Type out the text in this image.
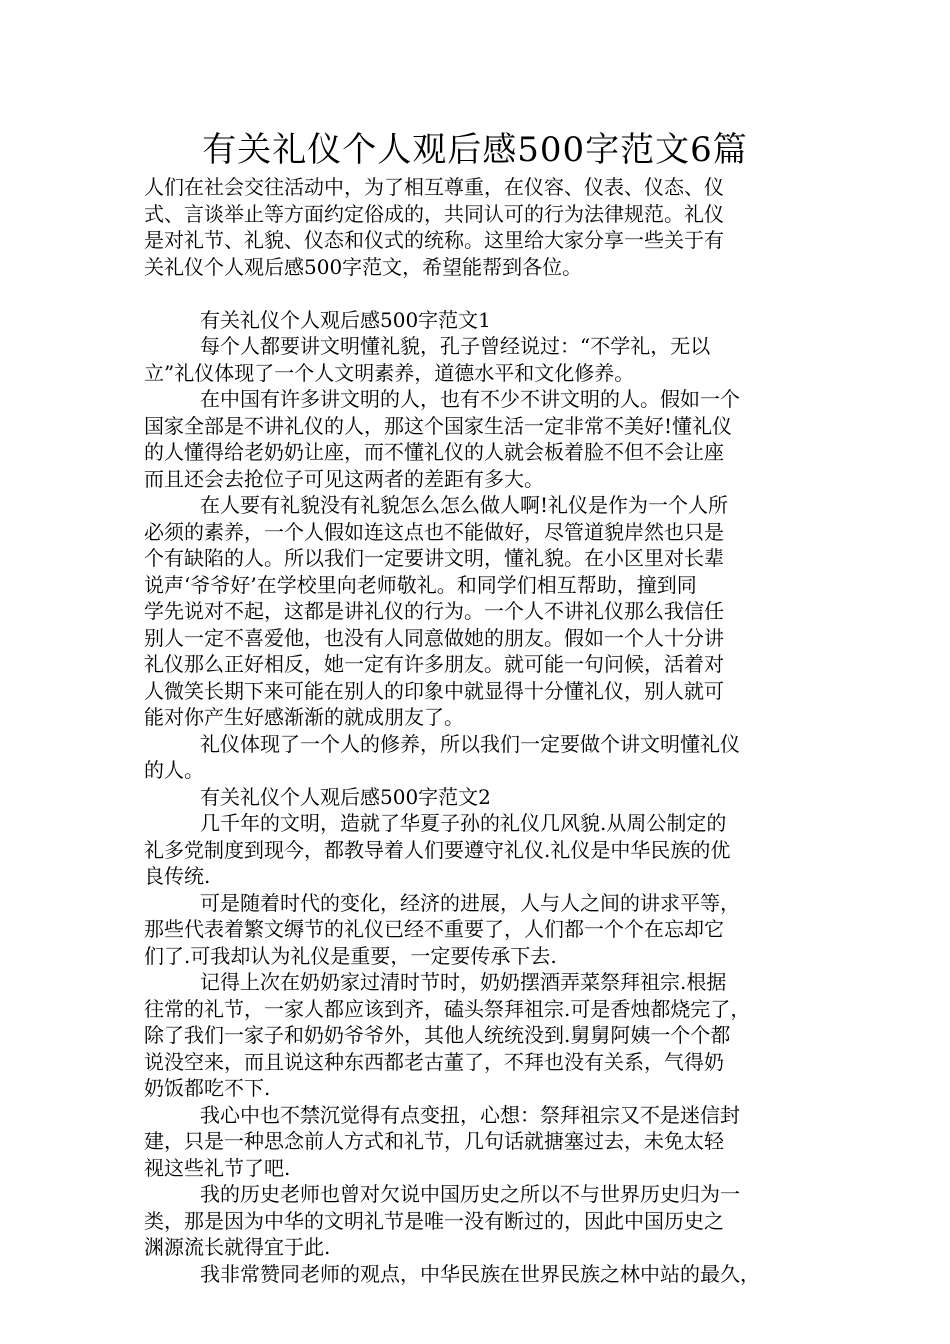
有关礼仪个人观后感500字范文6篇
人们在社会交往活动中，为了相互尊重，在仪容、仪表、仪态、仪
式、言谈举止等方面约定俗成的，共同认可的行为法律规范。礼仪
是对礼节、礼貌、仪态和仪式的统称。这里给大家分享一些关于有
关礼仪个人观后感500字范文，希望能帮到各位。
有关礼仪个人观后感500字范文1
每个人都要讲文明懂礼貌，孔子曾经说过：“不学礼，无以
立”礼仪体现了一个人文明素养，道德水平和文化修养。
在中国有许多讲文明的人，也有不少不讲文明的人。假如一个
国家全部是不讲礼仪的人，那这个国家生活一定非常不美好!懂礼仪
的人懂得给老奶奶让座，而不懂礼仪的人就会板着脸不但不会让座
而且还会去抢位子可见这两者的差距有多大。
在人要有礼貌没有礼貌怎么怎么做人啊!礼仪是作为一个人所
必须的素养，一个人假如连这点也不能做好，尽管道貌岸然也只是
个有缺陷的人。所以我们一定要讲文明，懂礼貌。在小区里对长辈
说声‘爷爷好’在学校里向老师敬礼。和同学们相互帮助，撞到同
学先说对不起，这都是讲礼仪的行为。一个人不讲礼仪那么我信任
别人一定不喜爱他，也没有人同意做她的朋友。假如一个人十分讲
礼仪那么正好相反，她一定有许多朋友。就可能一句问候，活着对
人微笑长期下来可能在别人的印象中就显得十分懂礼仪，别人就可
能对你产生好感渐渐的就成朋友了。
礼仪体现了一个人的修养，所以我们一定要做个讲文明懂礼仪
的人。
有关礼仪个人观后感500字范文2
几千年的文明，造就了华夏子孙的礼仪几风貌.从周公制定的
礼多党制度到现今，都教导着人们要遵守礼仪.礼仪是中华民族的优
良传统.
可是随着时代的变化，经济的进展，人与人之间的讲求平等，
那些代表着繁文缛节的礼仪已经不重要了，人们都一个个在忘却它
们了.可我却认为礼仪是重要，一定要传承下去.
记得上次在奶奶家过清时节时，奶奶摆酒弄菜祭拜祖宗.根据
往常的礼节，一家人都应该到齐，磕头祭拜祖宗.可是香烛都烧完了，
除了我们一家子和奶奶爷爷外，其他人统统没到.舅舅阿姨一个个都
说没空来，而且说这种东西都老古董了，不拜也没有关系，气得奶
奶饭都吃不下.
我心中也不禁沉觉得有点变扭，心想：祭拜祖宗又不是迷信封
建，只是一种思念前人方式和礼节，几句话就搪塞过去，未免太轻
视这些礼节了吧.
我的历史老师也曾对欠说中国历史之所以不与世界历史归为一
类，那是因为中华的文明礼节是唯一没有断过的，因此中国历史之
渊源流长就得宜于此.
我非常赞同老师的观点，中华民族在世界民族之林中站的最久，
